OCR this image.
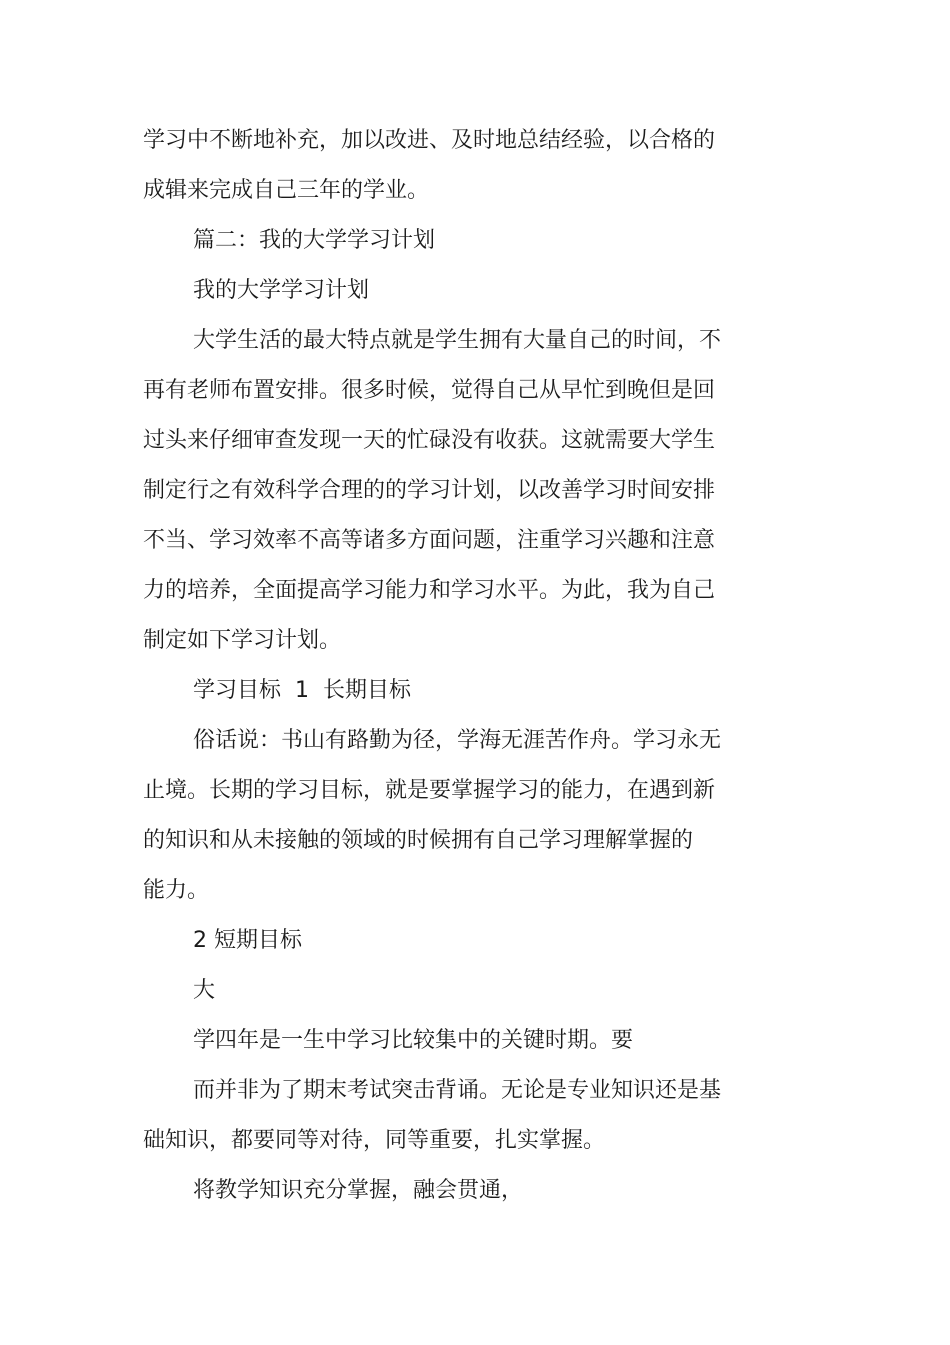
学习中不断地补充，加以改进、及时地总结经验，以合格的

成辑来完成自己三年的学业。

篇二：我的大学学习计划

我的大学学习计划

大学生活的最大特点就是学生拥有大量自己的时间，不

再有老师布置安排。很多时候，觉得自己从早忙到晚但是回

过头来仔细审查发现一天的忙碌没有收获。这就需要大学生

制定行之有效科学合理的的学习计划，以改善学习时间安排

不当、学习效率不高等诸多方面问题，注重学习兴趣和注意

力的培养，全面提高学习能力和学习水平。为此，我为自己

制定如下学习计划。

学习目标  1  长期目标

俗话说：书山有路勤为径，学海无涯苦作舟。学习永无

止境。长期的学习目标，就是要掌握学习的能力，在遇到新

的知识和从未接触的领域的时候拥有自己学习理解掌握的

能力。

2 短期目标

大

学四年是一生中学习比较集中的关键时期。要

而并非为了期末考试突击背诵。无论是专业知识还是基

础知识，都要同等对待，同等重要，扎实掌握。

将教学知识充分掌握，融会贯通，
